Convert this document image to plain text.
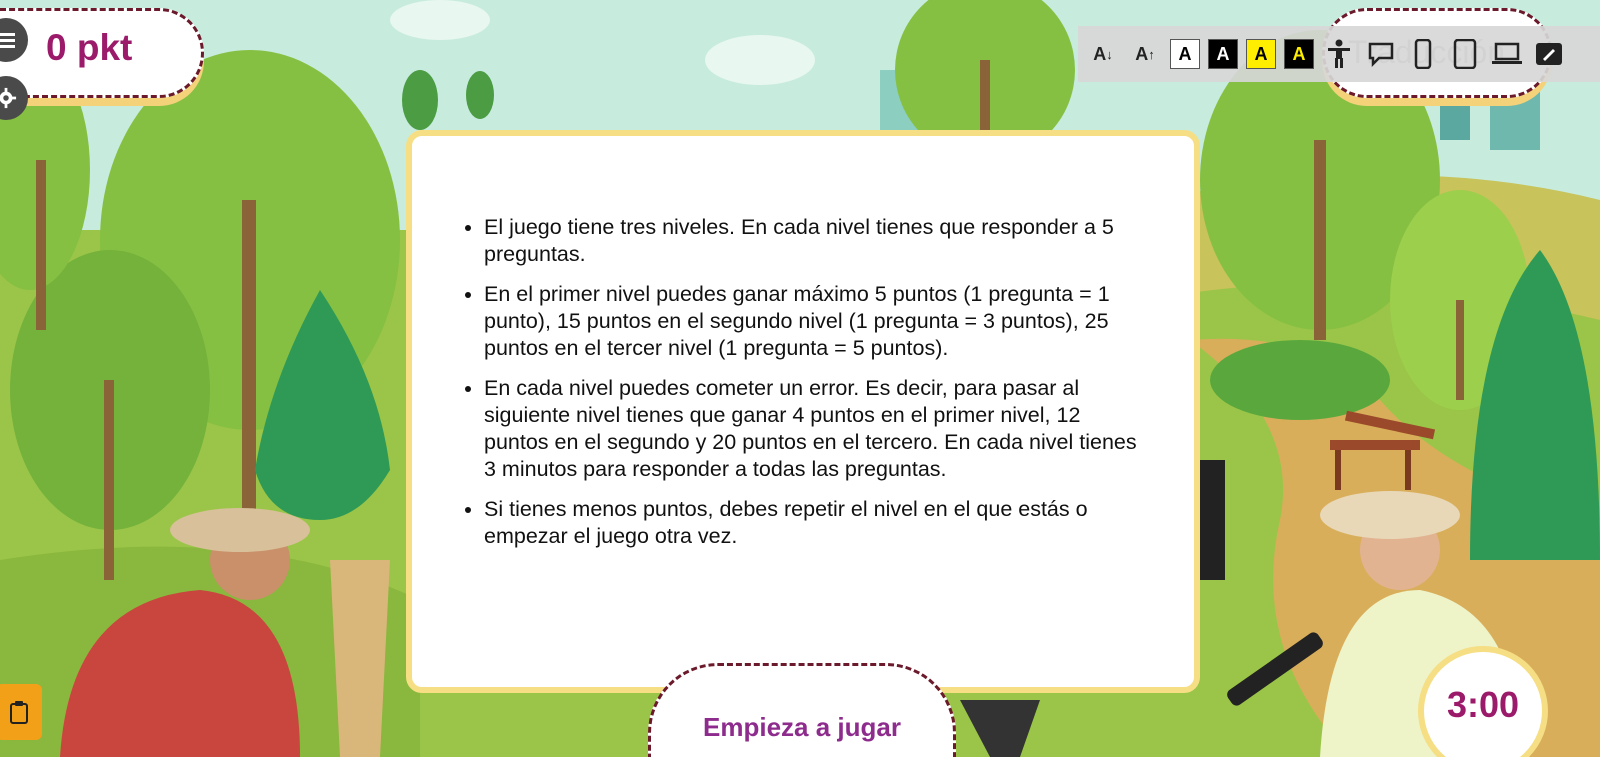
0 pkt	A ↓ A ↑	A	A	A	A
• El juego tiene tres niveles. En cada nivel tienes que responder a 5 preguntas.
• En el primer nivel puedes ganar máximo 5 puntos (1 pregunta = 1 punto), 15 puntos en el segundo nivel (1 pregunta = 3 puntos), 25 puntos en el tercer nivel (1 pregunta = 5 puntos).
• En cada nivel puedes cometer un error. Es decir, para pasar al siguiente nivel tienes que ganar 4 puntos en el primer nivel, 12 puntos en el segundo y 20 puntos en el tercero. En cada nivel tienes 3 minutos para responder a todas las preguntas.
• Si tienes menos puntos, debes repetir el nivel en el que estás o empezar el juego otra vez.
Empieza a jugar
3:00
